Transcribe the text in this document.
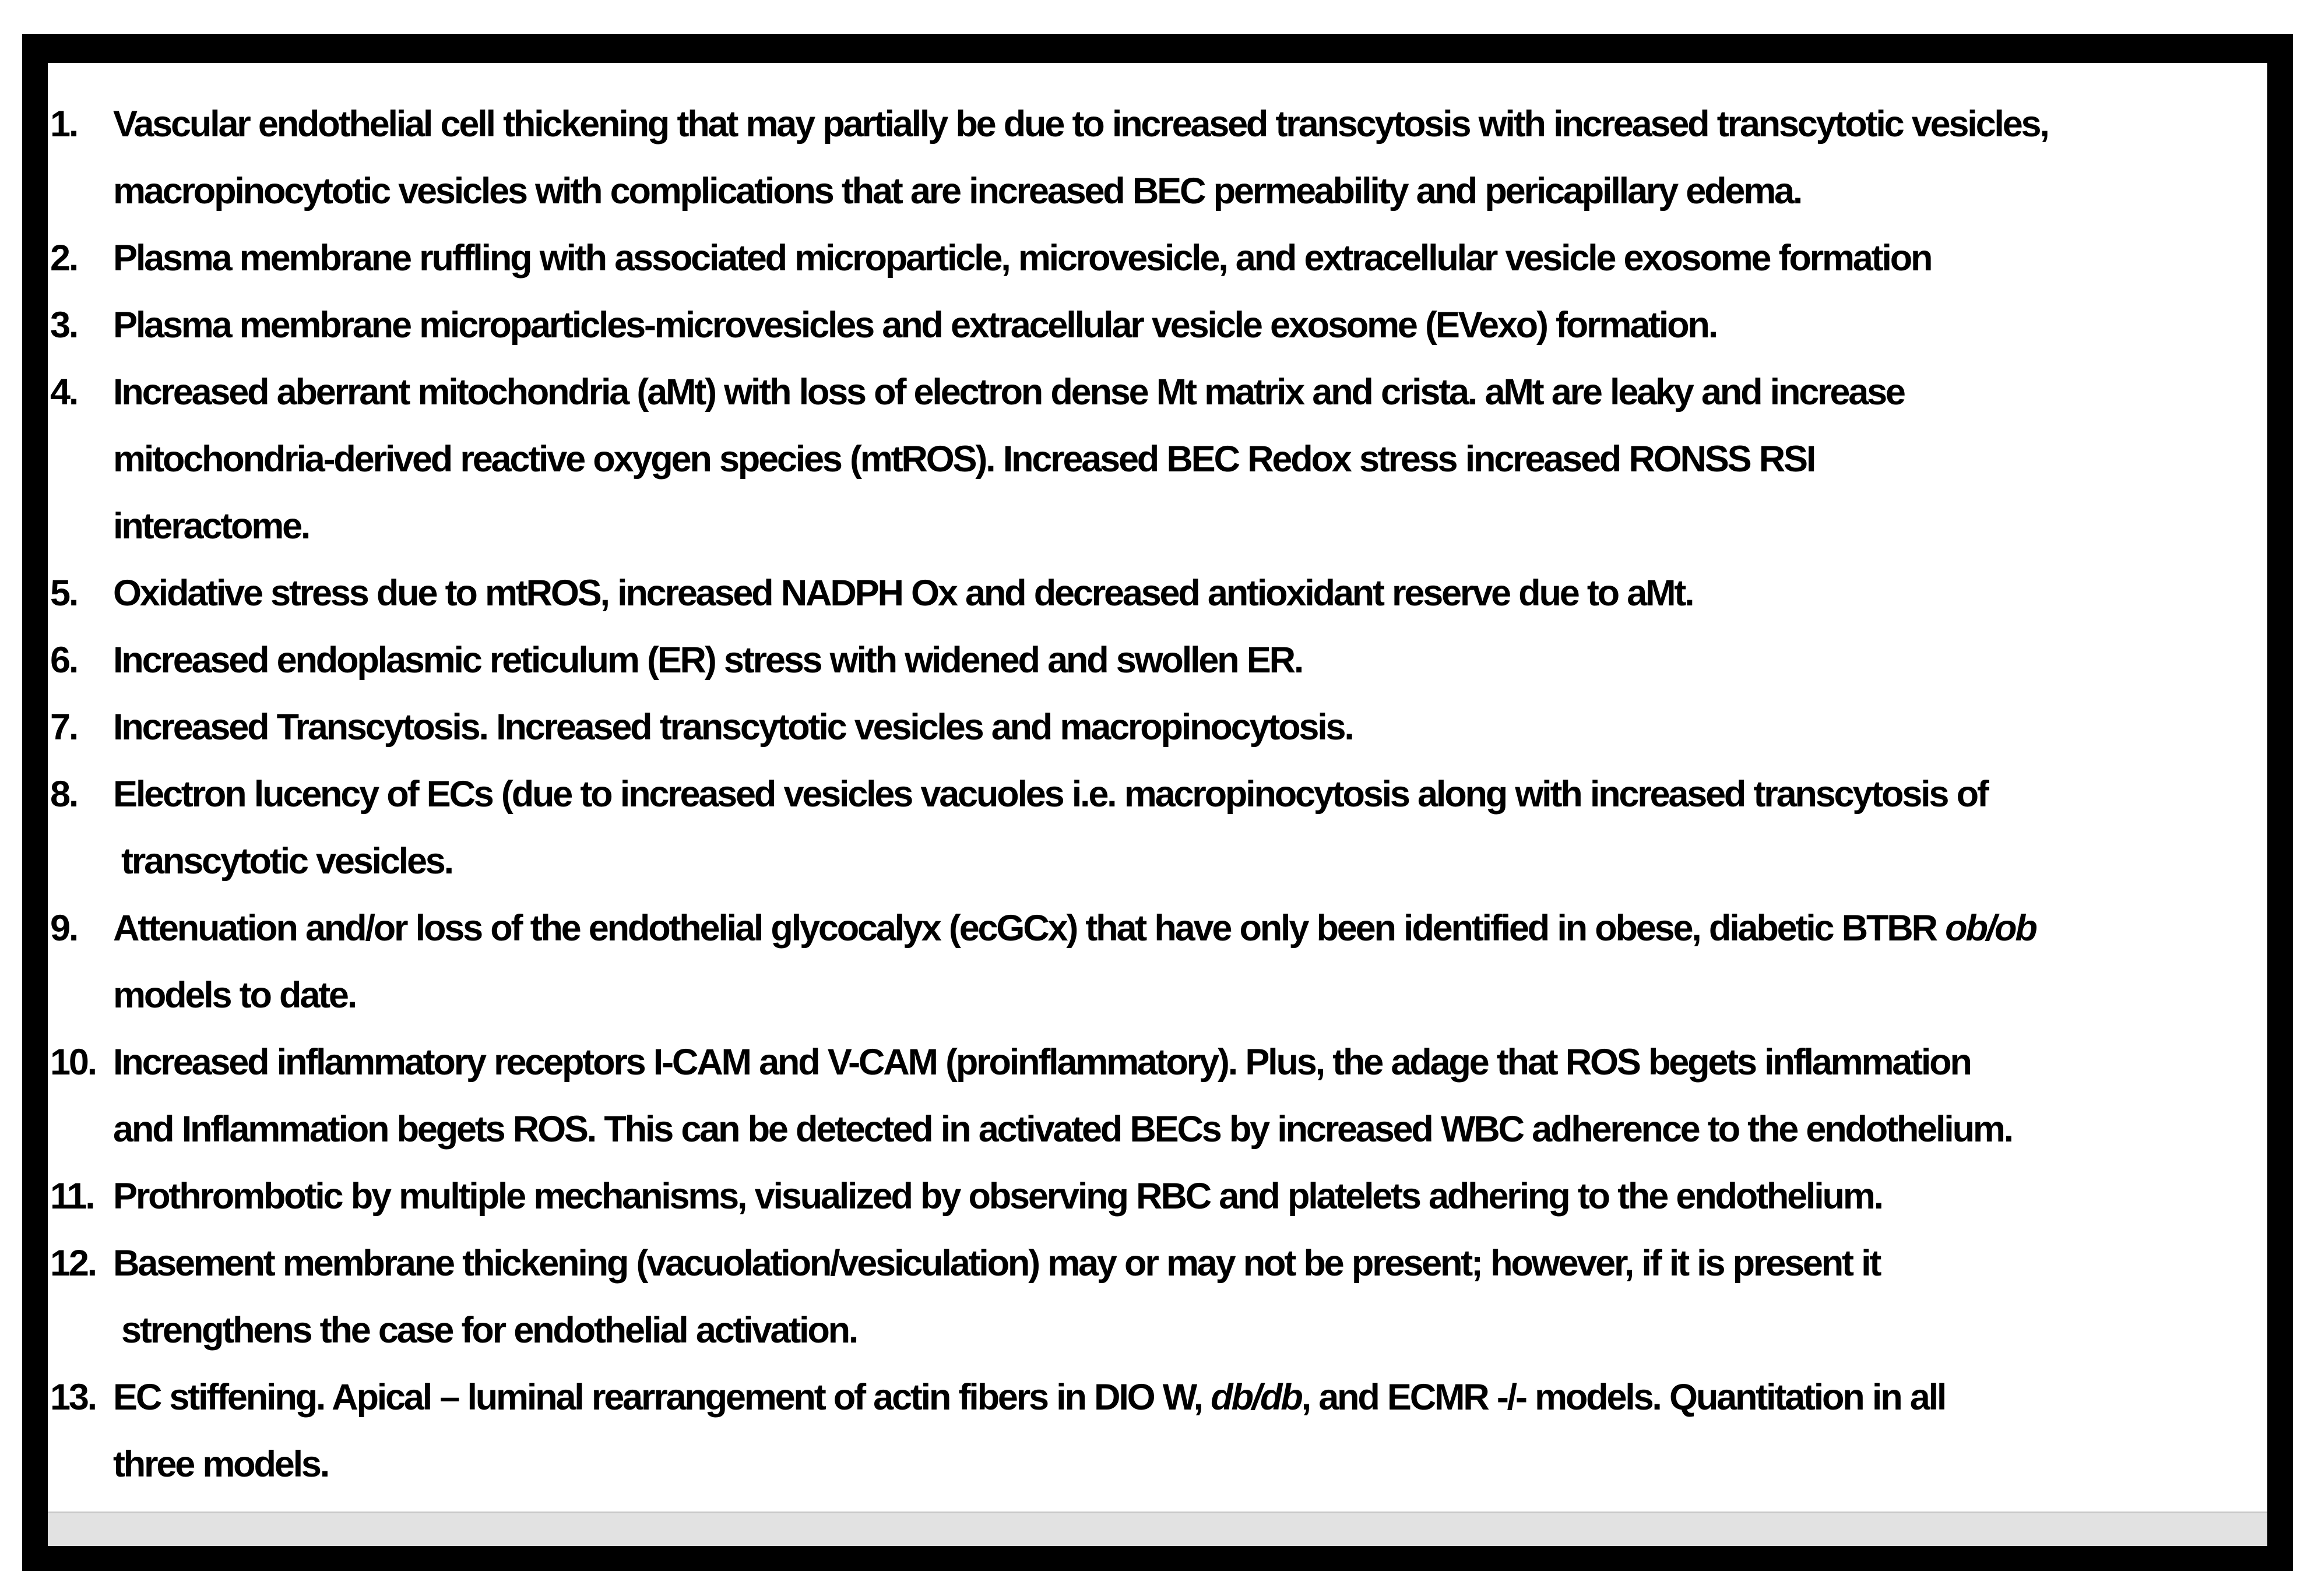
1. Vascular endothelial cell thickening that may partially be due to increased transcytosis with increased transcytotic vesicles,
macropinocytotic vesicles with complications that are increased BEC permeability and pericapillary edema.
2. Plasma membrane ruffling with associated microparticle, microvesicle, and extracellular vesicle exosome formation
3. Plasma membrane microparticles-microvesicles and extracellular vesicle exosome (EVexo) formation.
4. Increased aberrant mitochondria (aMt) with loss of electron dense Mt matrix and crista. aMt are leaky and increase
mitochondria-derived reactive oxygen species (mtROS). Increased BEC Redox stress increased RONSS RSI
interactome.
5. Oxidative stress due to mtROS, increased NADPH Ox and decreased antioxidant reserve due to aMt.
6. Increased endoplasmic reticulum (ER) stress with widened and swollen ER.
7. Increased Transcytosis. Increased transcytotic vesicles and macropinocytosis.
8. Electron lucency of ECs (due to increased vesicles vacuoles i.e. macropinocytosis along with increased transcytosis of
transcytotic vesicles.
9. Attenuation and/or loss of the endothelial glycocalyx (ecGCx) that have only been identified in obese, diabetic BTBR ob/ob
models to date.
10. Increased inflammatory receptors I-CAM and V-CAM (proinflammatory). Plus, the adage that ROS begets inflammation
and Inflammation begets ROS. This can be detected in activated BECs by increased WBC adherence to the endothelium.
11. Prothrombotic by multiple mechanisms, visualized by observing RBC and platelets adhering to the endothelium.
12. Basement membrane thickening (vacuolation/vesiculation) may or may not be present; however, if it is present it
strengthens the case for endothelial activation.
13. EC stiffening. Apical – luminal rearrangement of actin fibers in DIO W, db/db, and ECMR -/- models. Quantitation in all
three models.
